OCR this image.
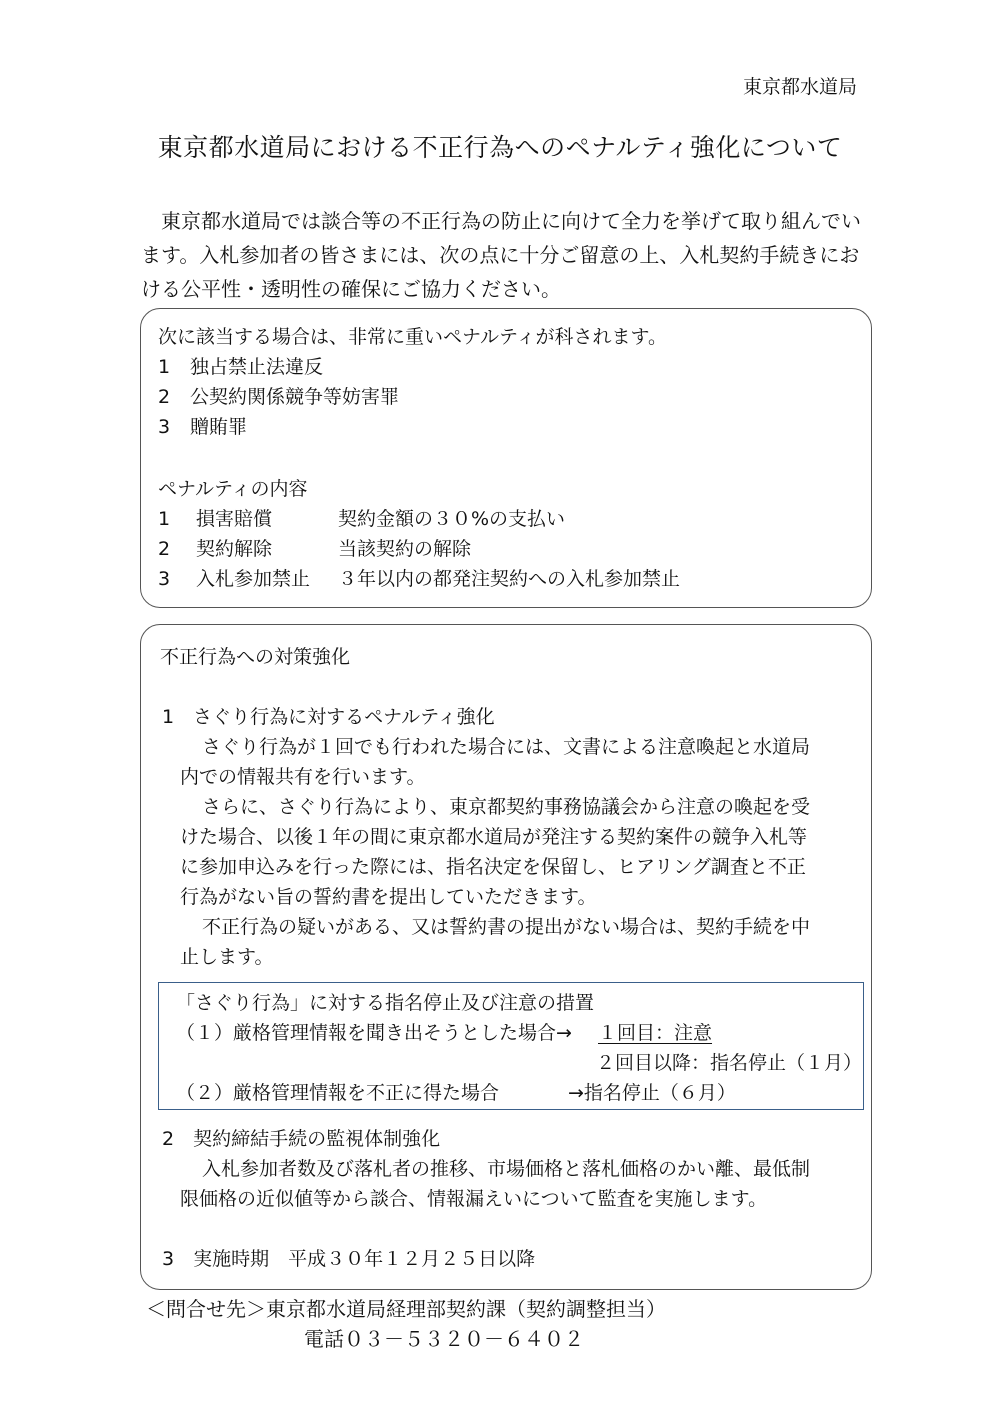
東京都水道局
東京都水道局における不正行為へのペナルティ強化について
東京都水道局では談合等の不正行為の防止に向けて全力を挙げて取り組んでいます。入札参加者の皆さまには、次の点に十分ご留意の上、入札契約手続きにおける公平性・透明性の確保にご協力ください。
次に該当する場合は、非常に重いペナルティが科されます。
1 独占禁止法違反
2 公契約関係競争等妨害罪
3 贈賄罪
ペナルティの内容
1 損害賠償	契約金額の３０%の支払い
2 契約解除	当該契約の解除
3 入札参加禁止 ３年以内の都発注契約への入札参加禁止
不正行為への対策強化
1　さぐり行為に対するペナルティ強化
さぐり行為が１回でも行われた場合には、文書による注意喚起と水道局
内での情報共有を行います。
さらに、さぐり行為により、東京都契約事務協議会から注意の喚起を受
けた場合、以後１年の間に東京都水道局が発注する契約案件の競争入札等
に参加申込みを行った際には、指名決定を保留し、ヒアリング調査と不正
行為がない旨の誓約書を提出していただきます。
不正行為の疑いがある、又は誓約書の提出がない場合は、契約手続を中
止します。
「さぐり行為」に対する指名停止及び注意の措置
（１）厳格管理情報を聞き出そうとした場合→ １回目：注意
２回目以降：指名停止（１月）
（２）厳格管理情報を不正に得た場合	→指名停止（６月）
2　契約締結手続の監視体制強化
入札参加者数及び落札者の推移、市場価格と落札価格のかい離、最低制
限価格の近似値等から談合、情報漏えいについて監査を実施します。
3　実施時期　平成３０年１２月２５日以降
＜問合せ先＞東京都水道局経理部契約課（契約調整担当）
電話０３－５３２０－６４０２
